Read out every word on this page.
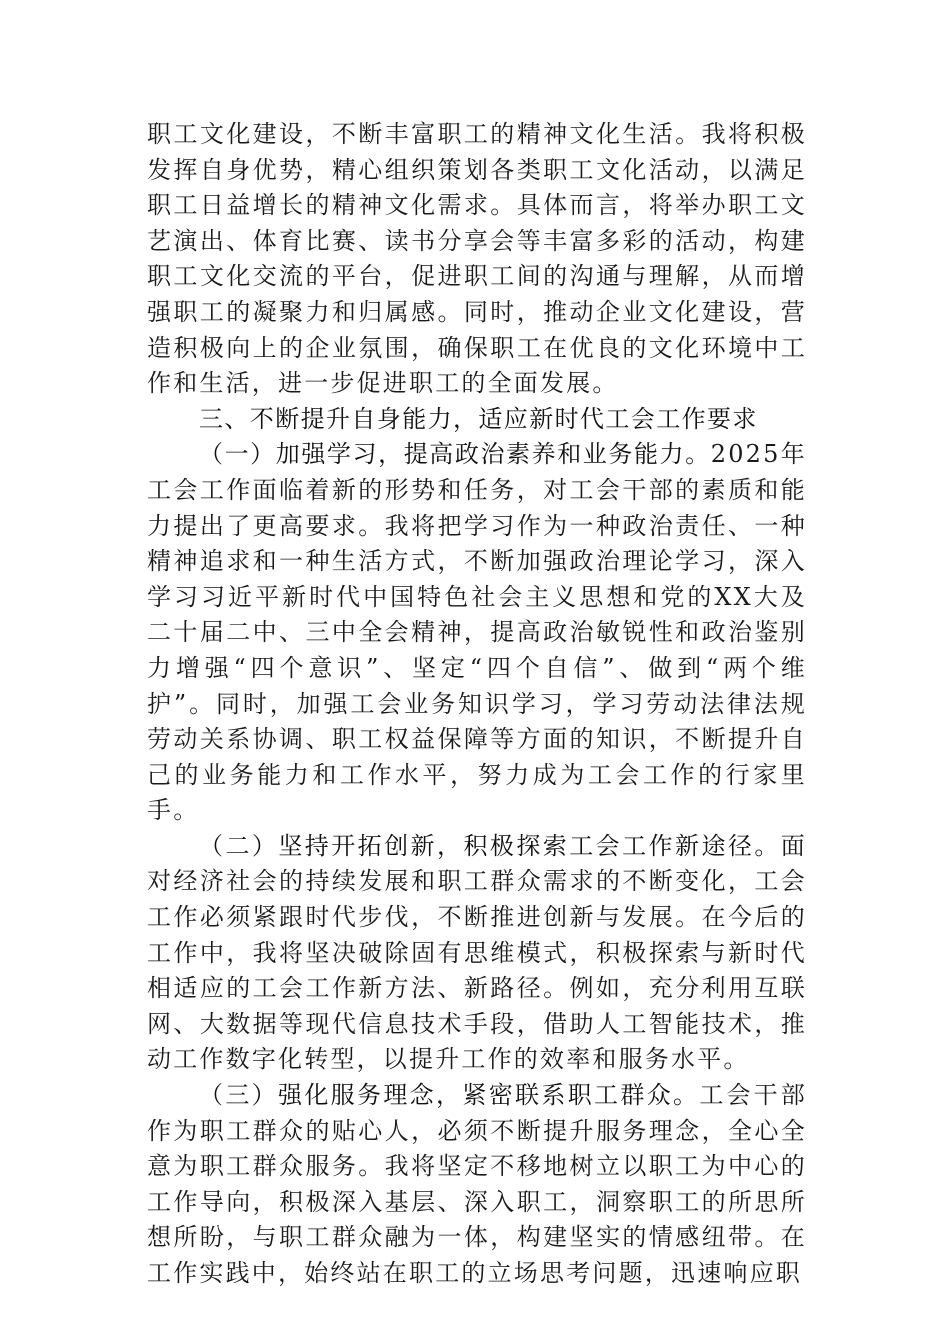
职工文化建设，不断丰富职工的精神文化生活。我将积极发挥自身优势，精心组织策划各类职工文化活动，以满足职工日益增长的精神文化需求。具体而言，将举办职工文艺演出、体育比赛、读书分享会等丰富多彩的活动，构建职工文化交流的平台，促进职工间的沟通与理解，从而增强职工的凝聚力和归属感。同时，推动企业文化建设，营造积极向上的企业氛围，确保职工在优良的文化环境中工作和生活，进一步促进职工的全面发展。

三、不断提升自身能力，适应新时代工会工作要求

（一）加强学习，提高政治素养和业务能力。2025年工会工作面临着新的形势和任务，对工会干部的素质和能力提出了更高要求。我将把学习作为一种政治责任、一种精神追求和一种生活方式，不断加强政治理论学习，深入学习习近平新时代中国特色社会主义思想和党的XX大及二十届二中、三中全会精神，提高政治敏锐性和政治鉴别力增强“四个意识”、坚定“四个自信”、做到“两个维护”。同时，加强工会业务知识学习，学习劳动法律法规劳动关系协调、职工权益保障等方面的知识，不断提升自己的业务能力和工作水平，努力成为工会工作的行家里手。

（二）坚持开拓创新，积极探索工会工作新途径。面对经济社会的持续发展和职工群众需求的不断变化，工会工作必须紧跟时代步伐，不断推进创新与发展。在今后的工作中，我将坚决破除固有思维模式，积极探索与新时代相适应的工会工作新方法、新路径。例如，充分利用互联网、大数据等现代信息技术手段，借助人工智能技术，推动工作数字化转型，以提升工作的效率和服务水平。

（三）强化服务理念，紧密联系职工群众。工会干部作为职工群众的贴心人，必须不断提升服务理念，全心全意为职工群众服务。我将坚定不移地树立以职工为中心的工作导向，积极深入基层、深入职工，洞察职工的所思所想所盼，与职工群众融为一体，构建坚实的情感纽带。在工作实践中，始终站在职工的立场思考问题，迅速响应职
